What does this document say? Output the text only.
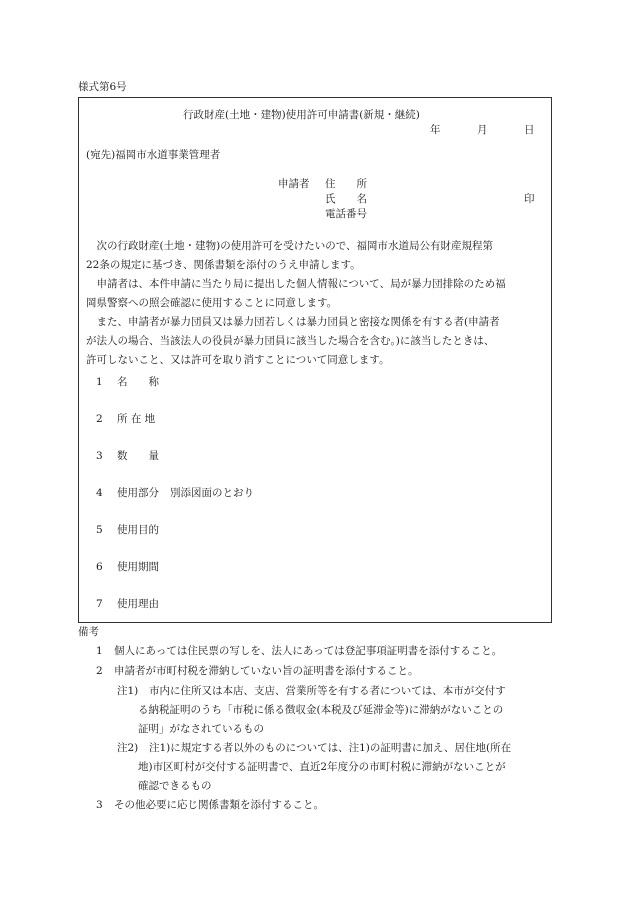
様式第6号
行政財産(土地・建物)使用許可申請書(新規・継続)
年	月	日
(宛先)福岡市水道事業管理者
申請者 住　　所
氏　　名	印
電話番号
次の行政財産(土地・建物)の使用許可を受けたいので、福岡市水道局公有財産規程第
22条の規定に基づき、関係書類を添付のうえ申請します。
申請者は、本件申請に当たり局に提出した個人情報について、局が暴力団排除のため福
岡県警察への照会確認に使用することに同意します。
また、申請者が暴力団員又は暴力団若しくは暴力団員と密接な関係を有する者(申請者
が法人の場合、当該法人の役員が暴力団員に該当した場合を含む。)に該当したときは、
許可しないこと、又は許可を取り消すことについて同意します。
1 名　　称
2 所 在 地
3 数　　量
4 使用部分 別添図面のとおり
5 使用目的
6 使用期間
7 使用理由
備考
1 個人にあっては住民票の写しを、法人にあっては登記事項証明書を添付すること。
2 申請者が市町村税を滞納していない旨の証明書を添付すること。
注1) 市内に住所又は本店、支店、営業所等を有する者については、本市が交付す
る納税証明のうち「市税に係る徴収金(本税及び延滞金等)に滞納がないことの
証明」がなされているもの
注2) 注1)に規定する者以外のものについては、注1)の証明書に加え、居住地(所在
地)市区町村が交付する証明書で、直近2年度分の市町村税に滞納がないことが
確認できるもの
3 その他必要に応じ関係書類を添付すること。
